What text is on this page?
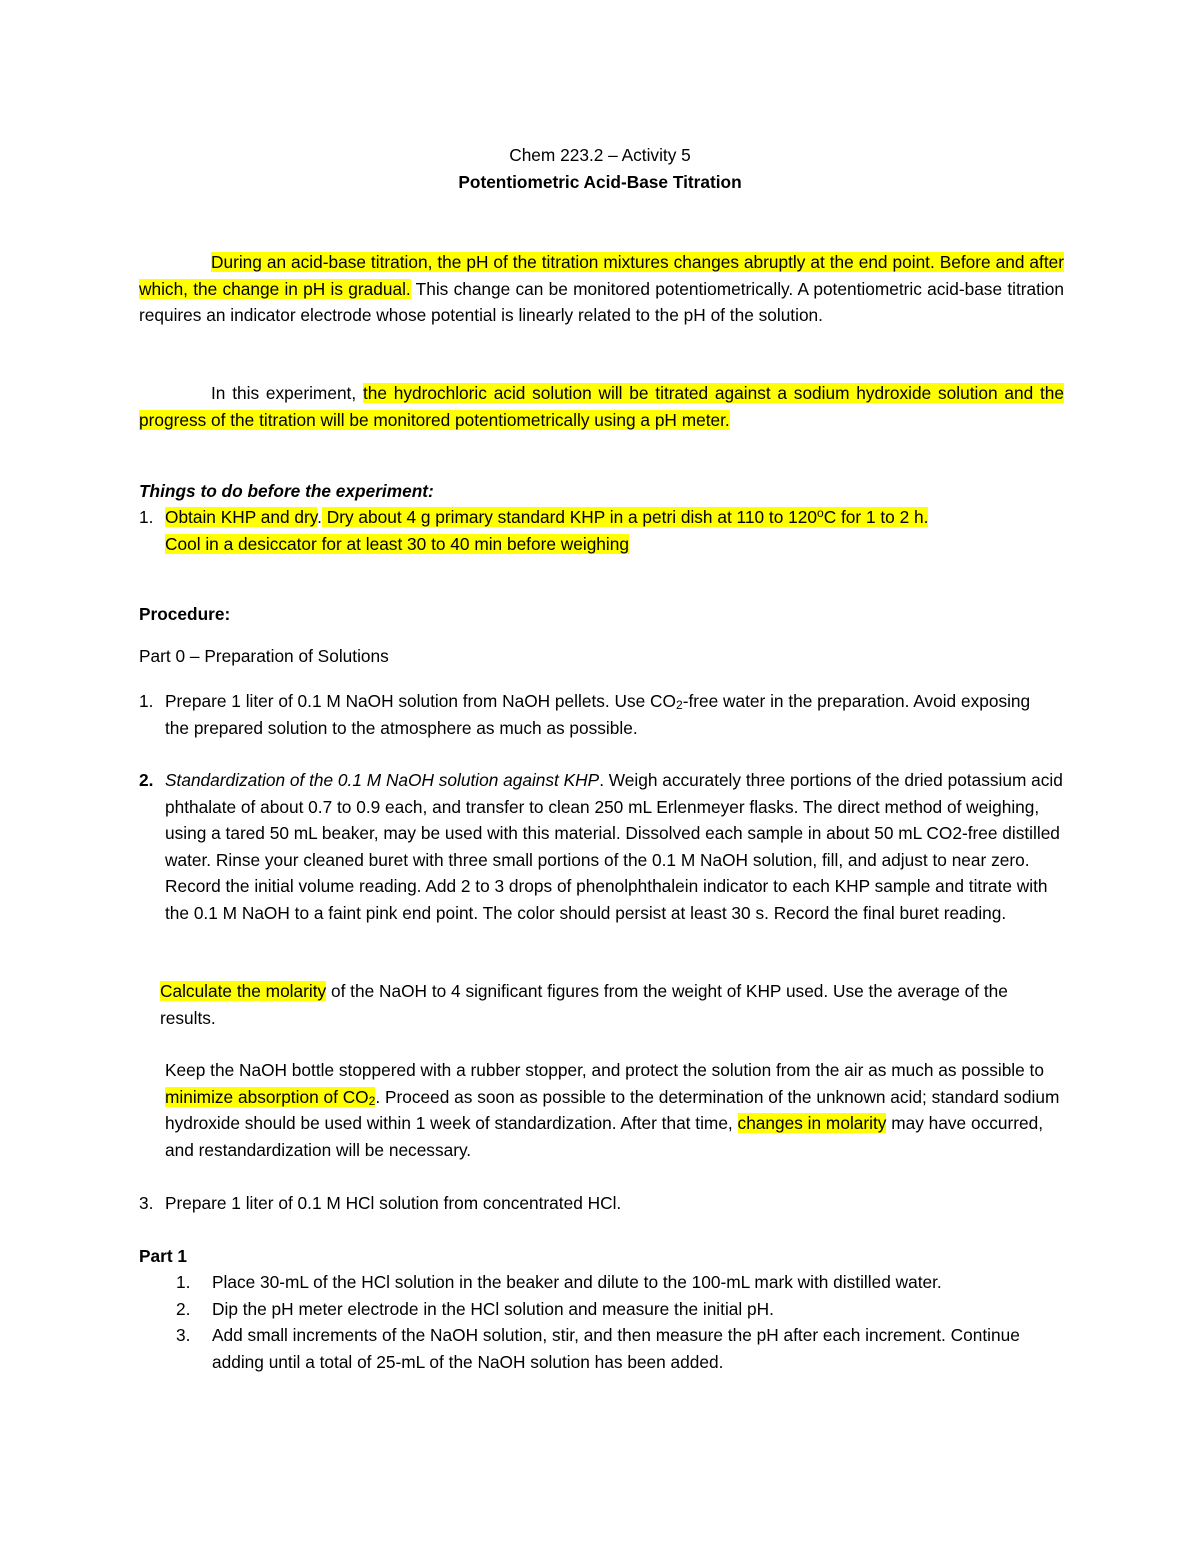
Chem 223.2 – Activity 5
Potentiometric Acid-Base Titration
During an acid-base titration, the pH of the titration mixtures changes abruptly at the end point. Before and after which, the change in pH is gradual. This change can be monitored potentiometrically. A potentiometric acid-base titration requires an indicator electrode whose potential is linearly related to the pH of the solution.
In this experiment, the hydrochloric acid solution will be titrated against a sodium hydroxide solution and the progress of the titration will be monitored potentiometrically using a pH meter.
Things to do before the experiment:
1. Obtain KHP and dry. Dry about 4 g primary standard KHP in a petri dish at 110 to 120$^o$C for 1 to 2 h.
Cool in a desiccator for at least 30 to 40 min before weighing
Procedure:
Part 0 – Preparation of Solutions
1. Prepare 1 liter of 0.1 M NaOH solution from NaOH pellets. Use CO2-free water in the preparation. Avoid exposing the prepared solution to the atmosphere as much as possible.
2. Standardization of the 0.1 M NaOH solution against KHP. Weigh accurately three portions of the dried potassium acid phthalate of about 0.7 to 0.9 each, and transfer to clean 250 mL Erlenmeyer flasks. The direct method of weighing, using a tared 50 mL beaker, may be used with this material. Dissolved each sample in about 50 mL CO2-free distilled water. Rinse your cleaned buret with three small portions of the 0.1 M NaOH solution, fill, and adjust to near zero. Record the initial volume reading. Add 2 to 3 drops of phenolphthalein indicator to each KHP sample and titrate with the 0.1 M NaOH to a faint pink end point. The color should persist at least 30 s. Record the final buret reading.
Calculate the molarity of the NaOH to 4 significant figures from the weight of KHP used. Use the average of the results.
Keep the NaOH bottle stoppered with a rubber stopper, and protect the solution from the air as much as possible to minimize absorption of CO2. Proceed as soon as possible to the determination of the unknown acid; standard sodium hydroxide should be used within 1 week of standardization. After that time, changes in molarity may have occurred, and restandardization will be necessary.
3. Prepare 1 liter of 0.1 M HCl solution from concentrated HCl.
Part 1
1. Place 30-mL of the HCl solution in the beaker and dilute to the 100-mL mark with distilled water.
2. Dip the pH meter electrode in the HCl solution and measure the initial pH.
3. Add small increments of the NaOH solution, stir, and then measure the pH after each increment. Continue adding until a total of 25-mL of the NaOH solution has been added.
